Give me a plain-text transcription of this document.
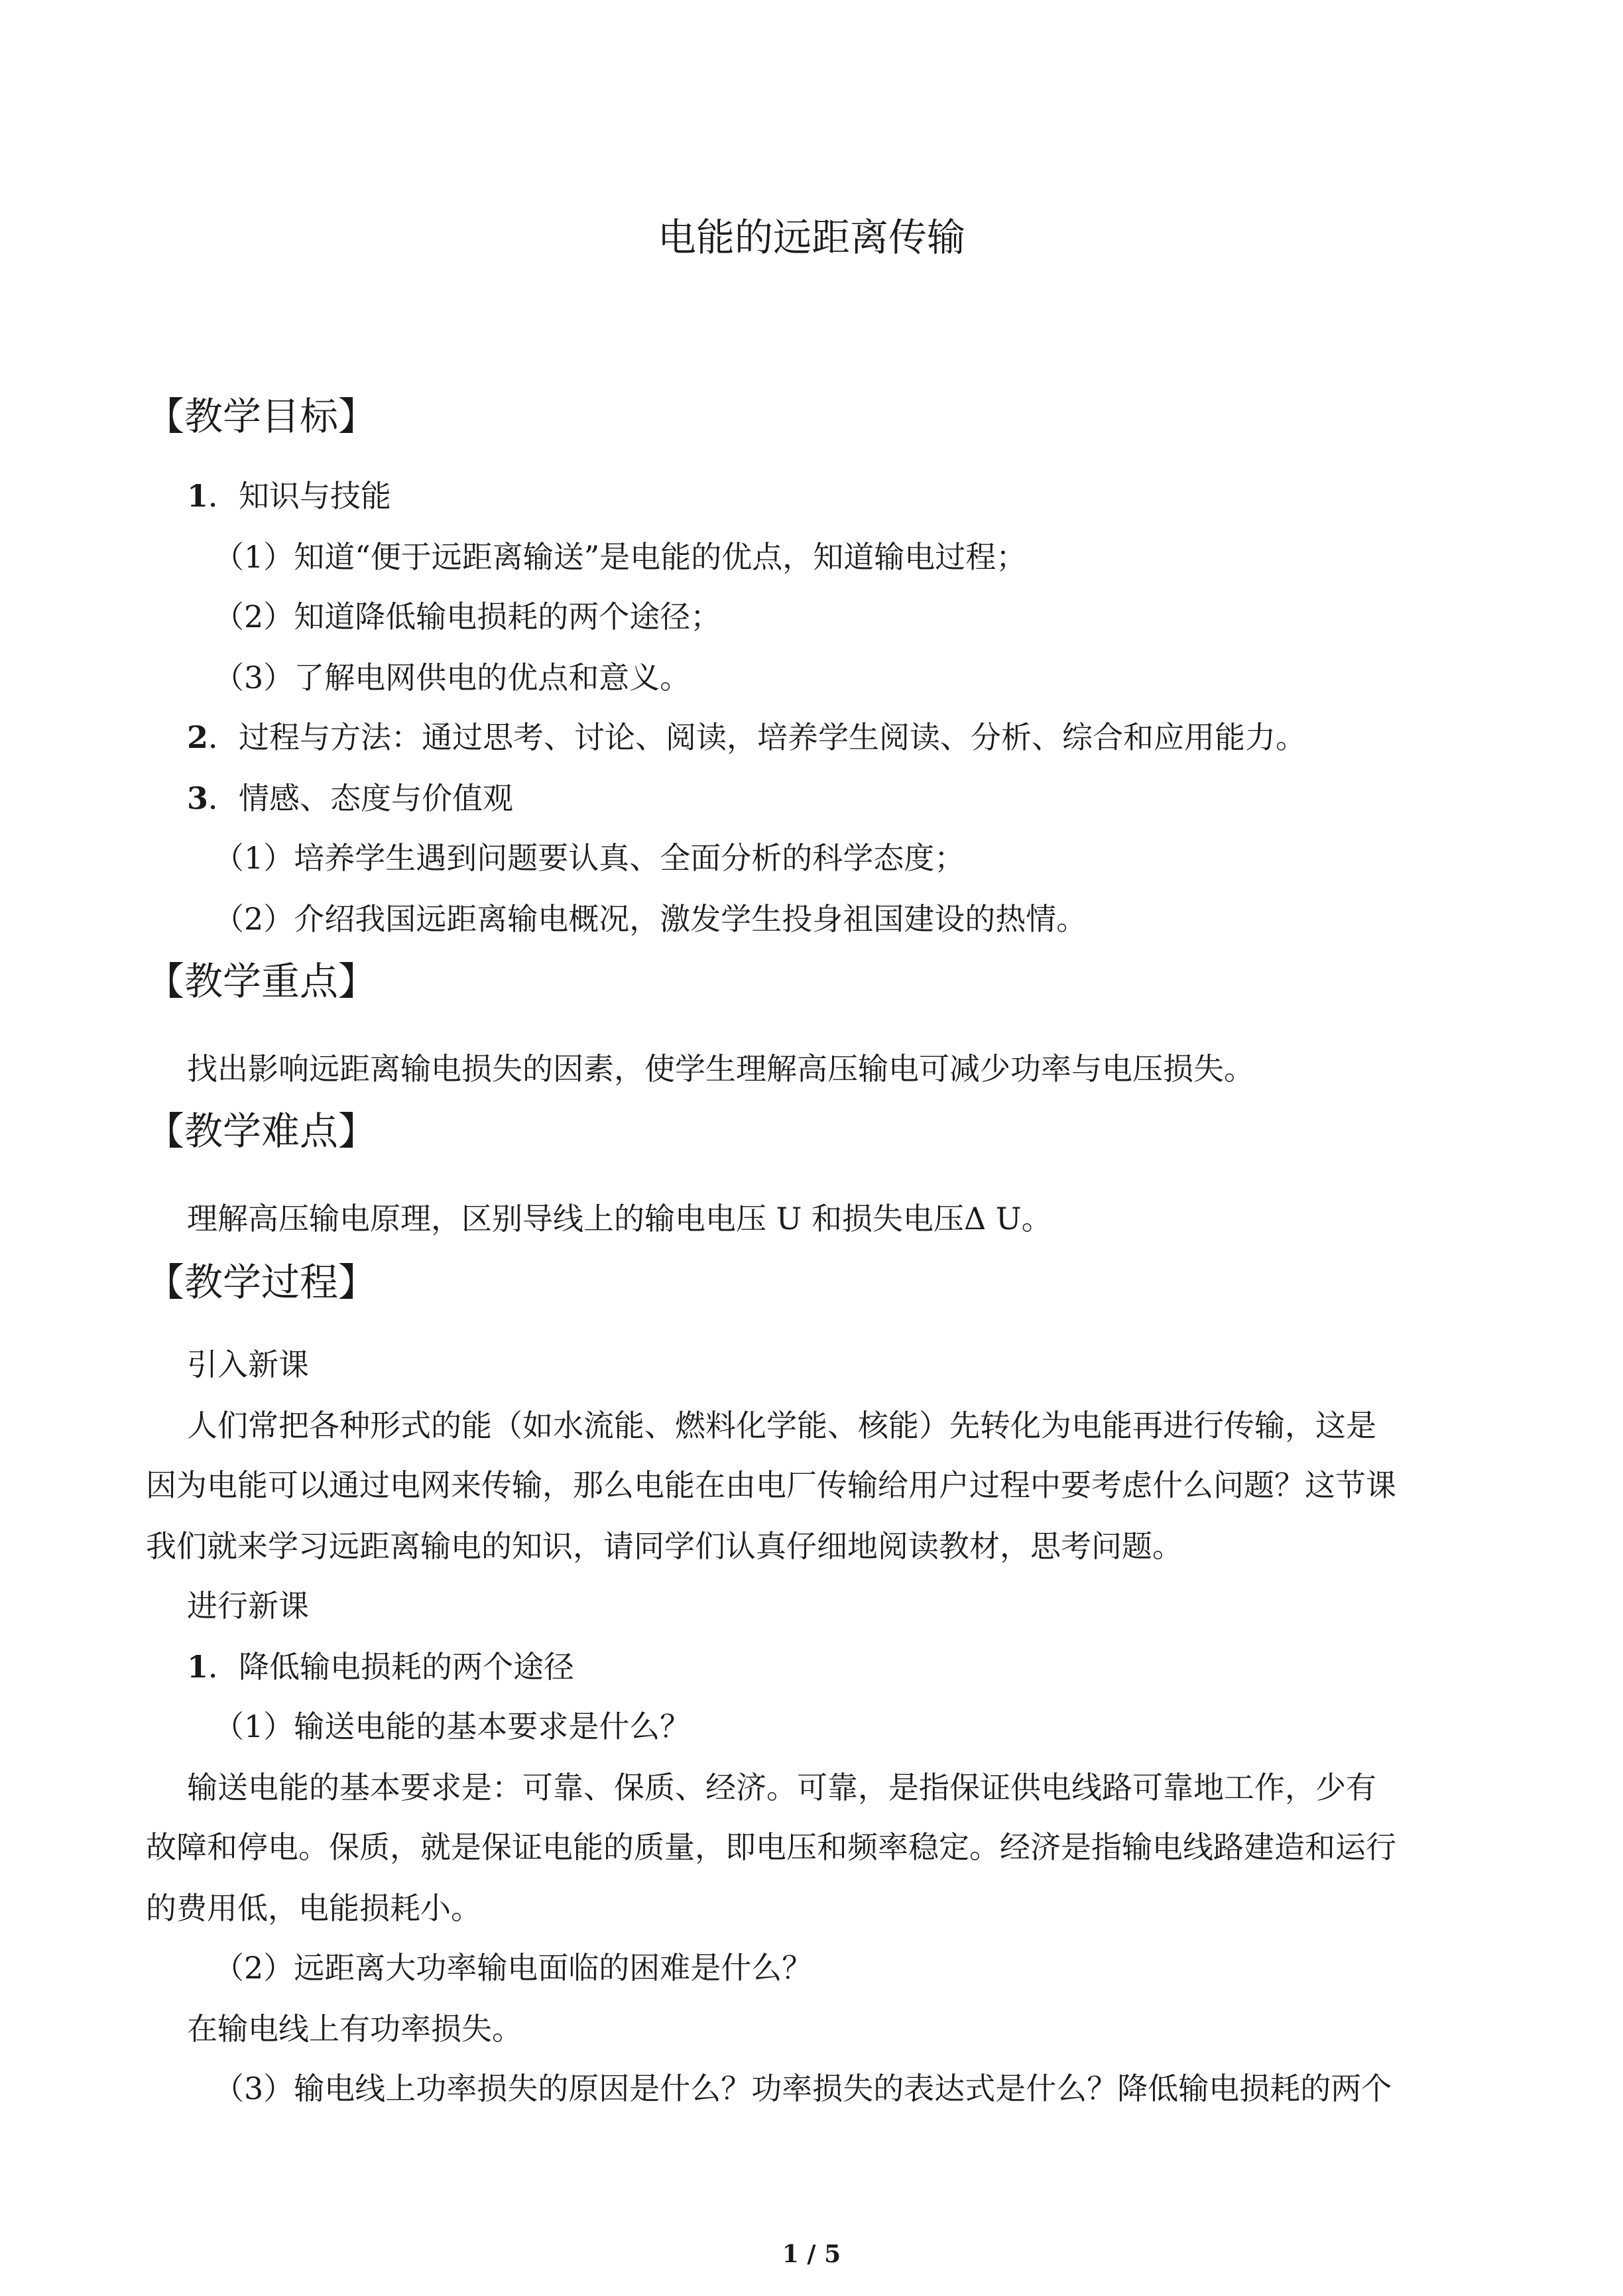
电能的远距离传输
【教学目标】
1．知识与技能
（1）知道“便于远距离输送”是电能的优点，知道输电过程；
（2）知道降低输电损耗的两个途径；
（3）了解电网供电的优点和意义。
2．过程与方法：通过思考、讨论、阅读，培养学生阅读、分析、综合和应用能力。
3．情感、态度与价值观
（1）培养学生遇到问题要认真、全面分析的科学态度；
（2）介绍我国远距离输电概况，激发学生投身祖国建设的热情。
【教学重点】
找出影响远距离输电损失的因素，使学生理解高压输电可减少功率与电压损失。
【教学难点】
理解高压输电原理，区别导线上的输电电压 U 和损失电压Δ U。
【教学过程】
引入新课
人们常把各种形式的能（如水流能、燃料化学能、核能）先转化为电能再进行传输，这是
因为电能可以通过电网来传输，那么电能在由电厂传输给用户过程中要考虑什么问题？这节课
我们就来学习远距离输电的知识，请同学们认真仔细地阅读教材，思考问题。
进行新课
1．降低输电损耗的两个途径
（1）输送电能的基本要求是什么？
输送电能的基本要求是：可靠、保质、经济。可靠，是指保证供电线路可靠地工作，少有
故障和停电。保质，就是保证电能的质量，即电压和频率稳定。经济是指输电线路建造和运行
的费用低，电能损耗小。
（2）远距离大功率输电面临的困难是什么？
在输电线上有功率损失。
（3）输电线上功率损失的原因是什么？功率损失的表达式是什么？降低输电损耗的两个
1 / 5
